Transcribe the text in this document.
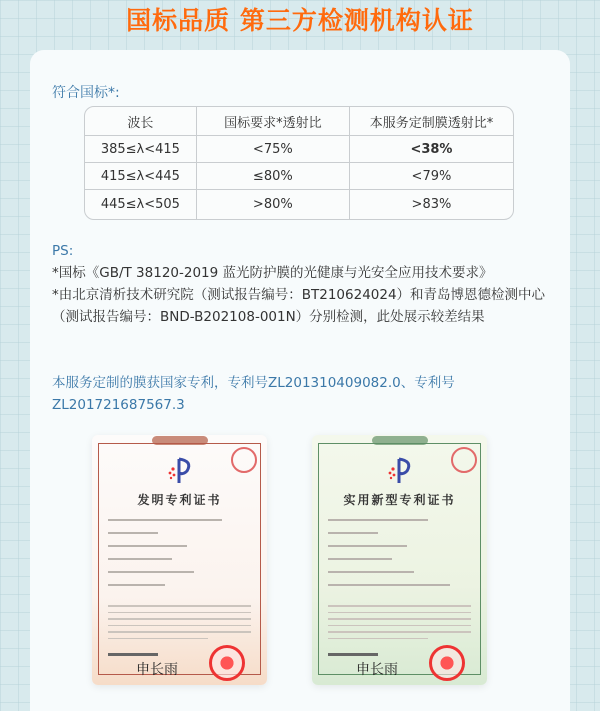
国标品质 第三方检测机构认证
符合国标*:
波长	国标要求*透射比	本服务定制膜透射比*
385≤λ<415	<75%	<38%
415≤λ<445	≤80%	<79%
445≤λ<505	>80%	>83%
PS:
*国标《GB/T 38120-2019 蓝光防护膜的光健康与光安全应用技术要求》
*由北京清析技术研究院（测试报告编号：BT210624024）和青岛博恩德检测中心（测试报告编号：BND-B202108-001N）分别检测，此处展示较差结果
本服务定制的膜获国家专利，专利号ZL201310409082.0、专利号ZL201721687567.3
发明专利证书
申长雨
实用新型专利证书
申长雨
